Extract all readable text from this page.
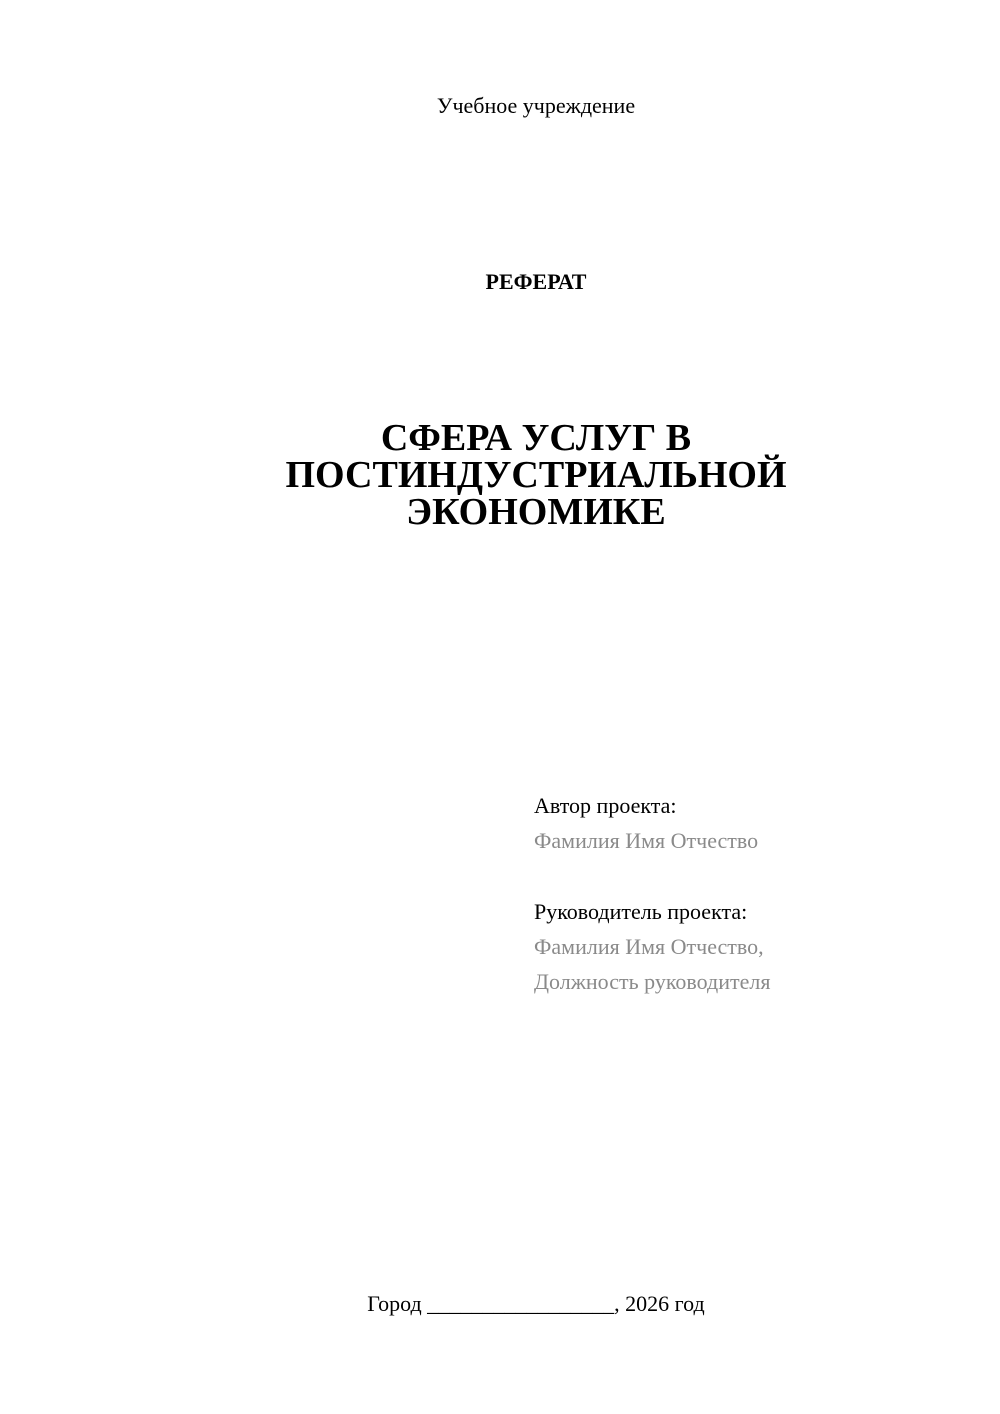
Учебное учреждение
РЕФЕРАТ
СФЕРА УСЛУГ В
ПОСТИНДУСТРИАЛЬНОЙ
ЭКОНОМИКЕ
Автор проекта:
Фамилия Имя Отчество
Руководитель проекта:
Фамилия Имя Отчество,
Должность руководителя
Город _________________, 2026 год
